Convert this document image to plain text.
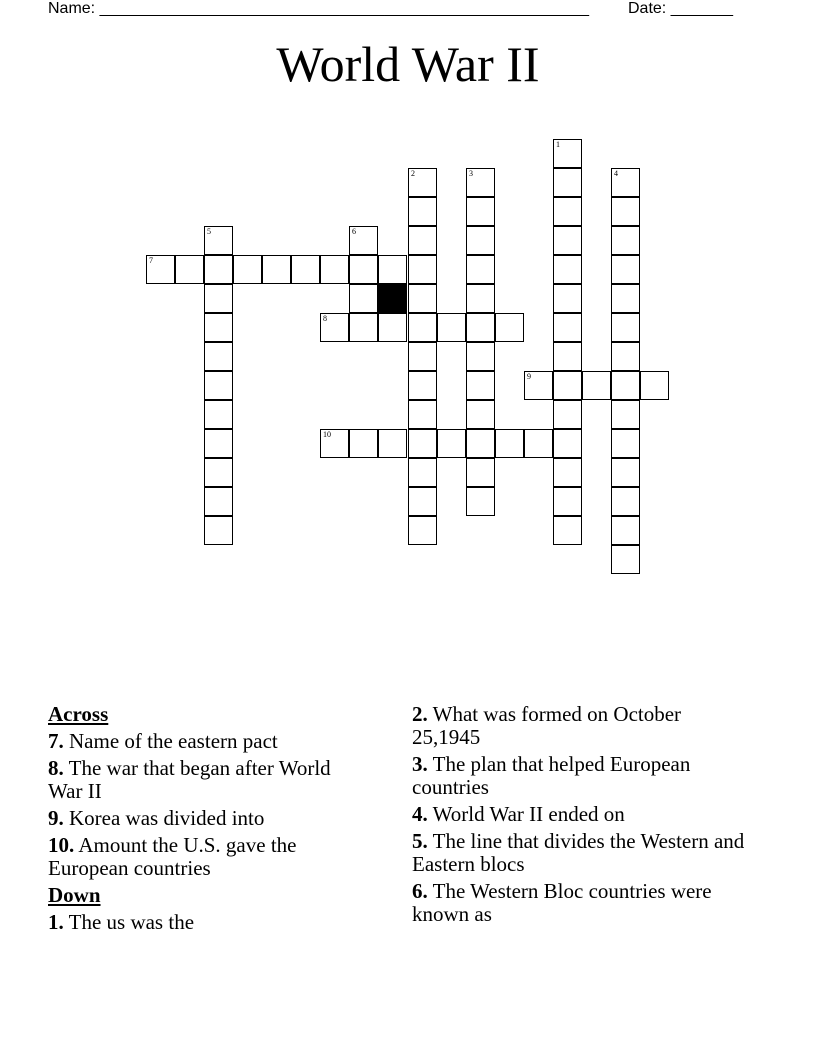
Name: _______________________________________________________ Date: _______
World War II
5	6
2	3
1
4
7
8
9
10
Across
7. Name of the eastern pact
8. The war that began after World War II
9. Korea was divided into
10. Amount the U.S. gave the European countries
Down
1. The us was the
2. What was formed on October 25,1945
3. The plan that helped European countries
4. World War II ended on
5. The line that divides the Western and Eastern blocs
6. The Western Bloc countries were known as
